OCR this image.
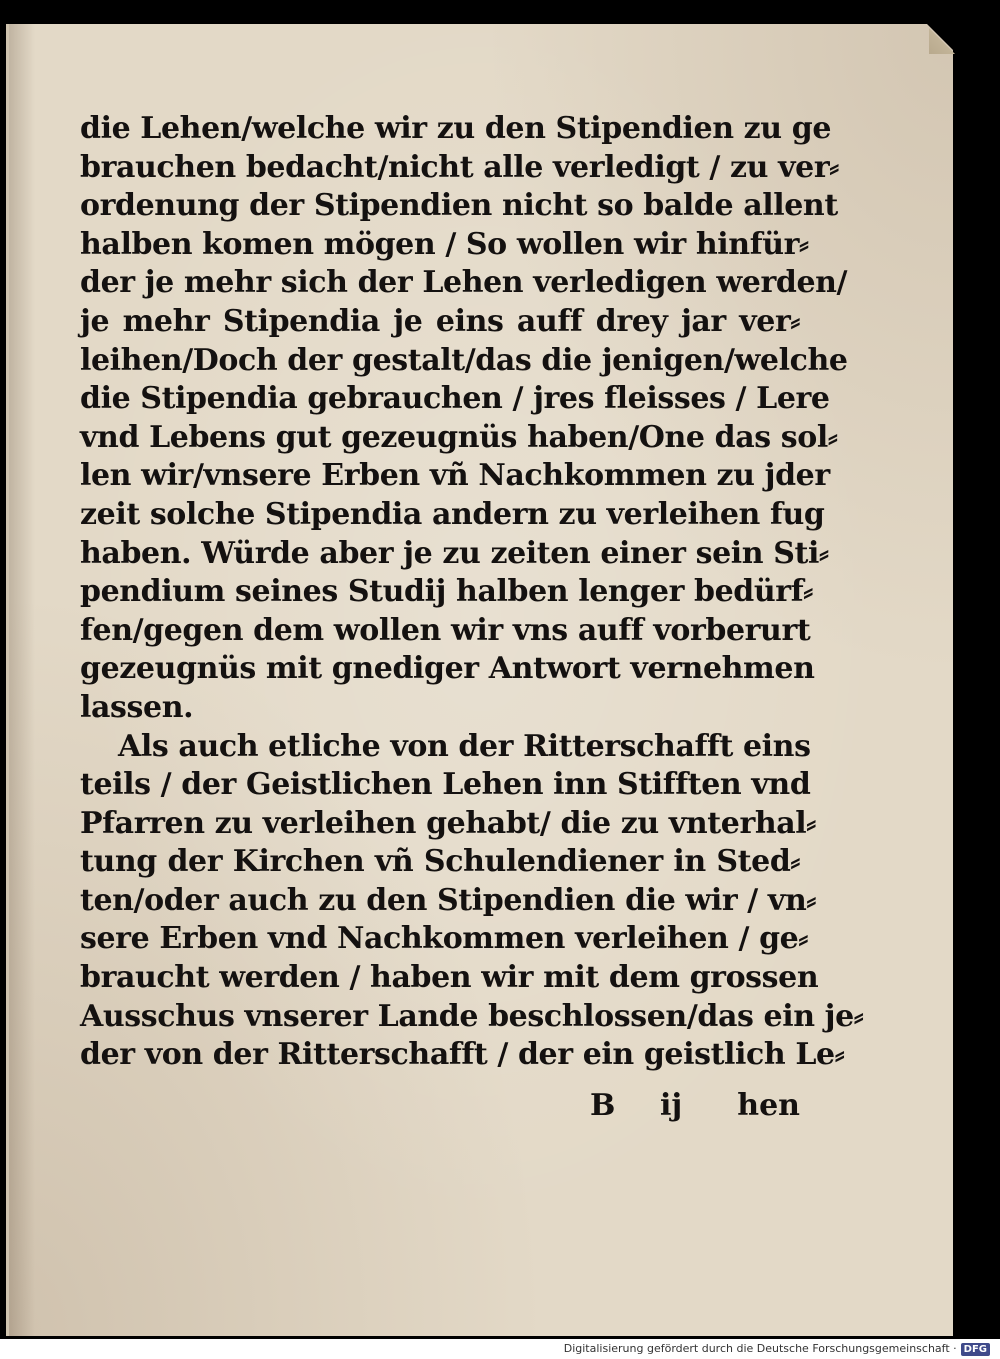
die Lehen/welche wir zu den Stipendien zu ge
brauchen bedacht/nicht alle verledigt / zu ver⸗
ordenung der Stipendien nicht so balde allent
halben komen mögen / So wollen wir hinfür⸗
der je mehr sich der Lehen verledigen werden/
je mehr Stipendia je eins auff drey jar ver⸗
leihen/Doch der gestalt/das die jenigen/welche
die Stipendia gebrauchen / jres fleisses / Lere
vnd Lebens gut gezeugnüs haben/One das sol⸗
len wir/vnsere Erben vñ Nachkommen zu jder
zeit solche Stipendia andern zu verleihen fug
haben. Würde aber je zu zeiten einer sein Sti⸗
pendium seines Studij halben lenger bedürf⸗
fen/gegen dem wollen wir vns auff vorberurt
gezeugnüs mit gnediger Antwort vernehmen
lassen.
Als auch etliche von der Ritterschafft eins
teils / der Geistlichen Lehen inn Stifften vnd
Pfarren zu verleihen gehabt/ die zu vnterhal⸗
tung der Kirchen vñ Schulendiener in Sted⸗
ten/oder auch zu den Stipendien die wir / vn⸗
sere Erben vnd Nachkommen verleihen / ge⸗
braucht werden / haben wir mit dem grossen
Ausschus vnserer Lande beschlossen/das ein je⸗
der von der Ritterschafft / der ein geistlich Le⸗
B ij hen
Digitalisierung gefördert durch die Deutsche Forschungsgemeinschaft · DFG
